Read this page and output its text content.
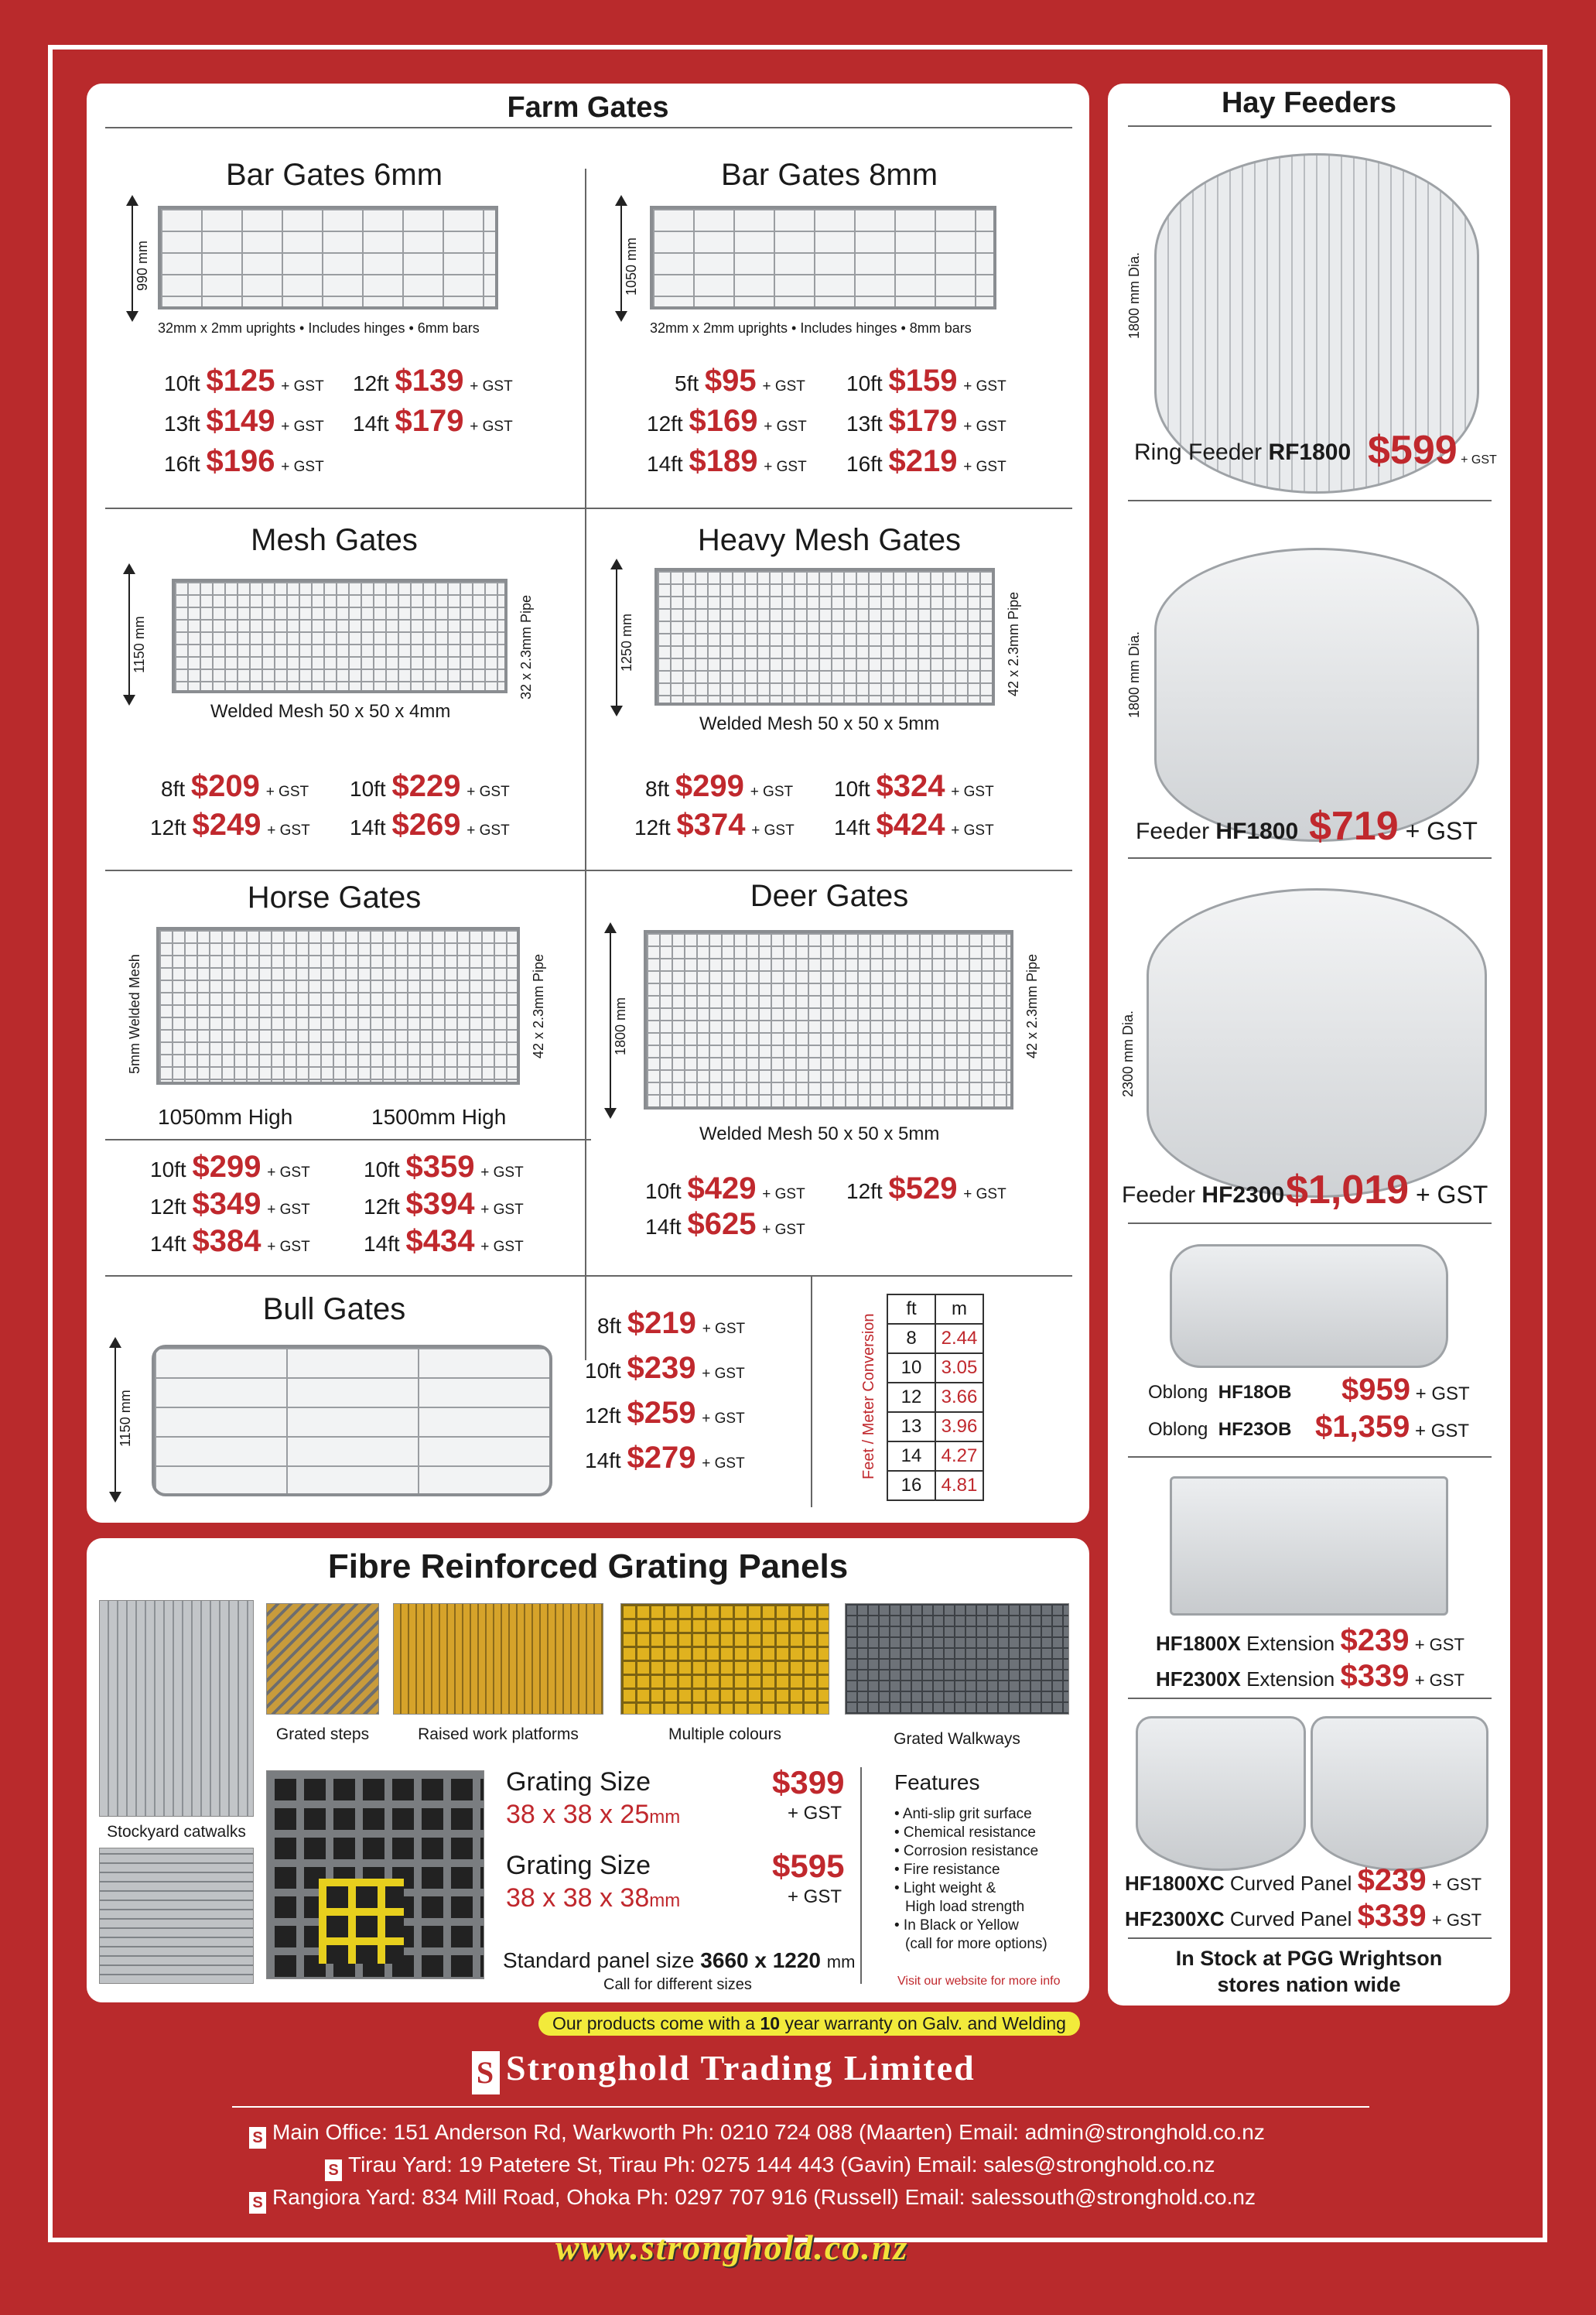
Farm Gates
Bar Gates 6mm
990 mm
32mm x 2mm uprights • Includes hinges • 6mm bars
10ft $125 + GST 12ft $139 + GST
13ft $149 + GST 14ft $179 + GST
16ft $196 + GST
Bar Gates 8mm
1050 mm
32mm x 2mm uprights • Includes hinges • 8mm bars
5ft $95 + GST 10ft $159 + GST
12ft $169 + GST 13ft $179 + GST
14ft $189 + GST 16ft $219 + GST
Mesh Gates
1150 mm	32 x 2.3mm Pipe
Welded Mesh 50 x 50 x 4mm
8ft $209 + GST 10ft $229 + GST
12ft $249 + GST 14ft $269 + GST
Heavy Mesh Gates
1250 mm	42 x 2.3mm Pipe
Welded Mesh 50 x 50 x 5mm
8ft $299 + GST 10ft $324 + GST
12ft $374 + GST 14ft $424 + GST
Horse Gates
5mm Welded Mesh	42 x 2.3mm Pipe
1050mm High	1500mm High
10ft $299 + GST 10ft $359 + GST
12ft $349 + GST 12ft $394 + GST
14ft $384 + GST 14ft $434 + GST
Deer Gates
1800 mm	42 x 2.3mm Pipe
Welded Mesh 50 x 50 x 5mm
10ft $429 + GST 12ft $529 + GST
14ft $625 + GST
Bull Gates
1150 mm
8ft $219 + GST
10ft $239 + GST
12ft $259 + GST
14ft $279 + GST	Feet / Meter Conversion
ft	m
8	2.44
10	3.05
12	3.66
13	3.96
14	4.27
16	4.81
Hay Feeders
1800 mm Dia.
Ring Feeder RF1800 $599 + GST
1800 mm Dia.
Feeder HF1800 $719 + GST
2300 mm Dia.
Feeder HF2300 $1,019 + GST
Oblong HF18OB $959 + GST
Oblong HF23OB $1,359 + GST
HF1800X Extension $239 + GST
HF2300X Extension $339 + GST
HF1800XC Curved Panel $239 + GST
HF2300XC Curved Panel $339 + GST
In Stock at PGG Wrightson
stores nation wide
Fibre Reinforced Grating Panels
Stockyard catwalks
Grated steps	Raised work platforms	Multiple colours	Grated Walkways
Grating Size
38 x 38 x 25mm
$399
+ GST
Grating Size
38 x 38 x 38mm
$595
+ GST
Standard panel size 3660 x 1220 mm
Call for different sizes
Features
• Anti-slip grit surface
• Chemical resistance
• Corrosion resistance
• Fire resistance
• Light weight &
High load strength
• In Black or Yellow
(call for more options)
Visit our website for more info
Our products come with a 10 year warranty on Galv. and Welding
S Stronghold Trading Limited
S Main Office: 151 Anderson Rd, Warkworth Ph: 0210 724 088 (Maarten) Email: admin@stronghold.co.nz
S Tirau Yard: 19 Patetere St, Tirau Ph: 0275 144 443 (Gavin) Email: sales@stronghold.co.nz
S Rangiora Yard: 834 Mill Road, Ohoka Ph: 0297 707 916 (Russell) Email: salessouth@stronghold.co.nz
www.stronghold.co.nz
